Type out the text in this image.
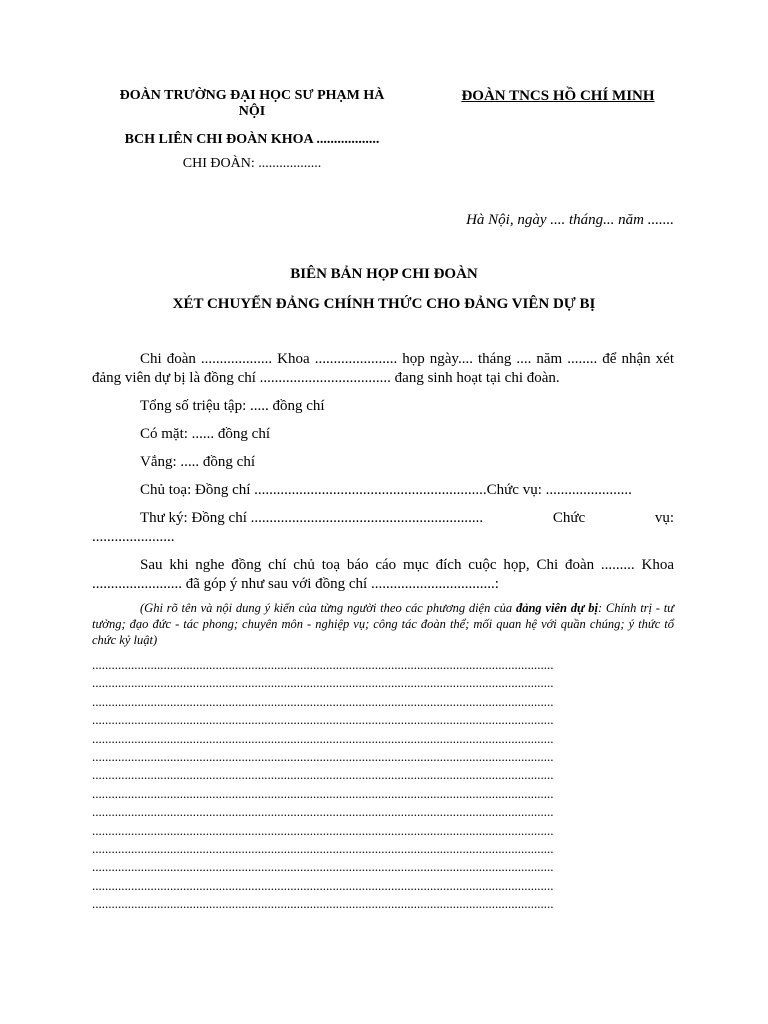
ĐOÀN TRƯỜNG ĐẠI HỌC SƯ PHẠM HÀ
NỘI
BCH LIÊN CHI ĐOÀN KHOA ..................
CHI ĐOÀN: ..................
ĐOÀN TNCS HỒ CHÍ MINH
Hà Nội, ngày .... tháng... năm .......
BIÊN BẢN HỌP CHI ĐOÀN
XÉT CHUYỂN ĐẢNG CHÍNH THỨC CHO ĐẢNG VIÊN DỰ BỊ

Chi đoàn ................... Khoa ...................... họp ngày.... tháng .... năm ........ để nhận xét đảng viên dự bị là đồng chí ................................... đang sinh hoạt tại chi đoàn.

Tổng số triệu tập: ..... đồng chí

Có mặt: ...... đồng chí

Vắng: ..... đồng chí

Chủ toạ: Đồng chí ..............................................................Chức vụ: .......................

Thư ký: Đồng chí ..............................................................	Chức	vụ:

......................

Sau khi nghe đồng chí chủ toạ báo cáo mục đích cuộc họp, Chi đoàn ......... Khoa ........................ đã góp ý như sau với đồng chí .................................:

(Ghi rõ tên và nội dung ý kiến của từng người theo các phương diện của đảng viên dự bị: Chính trị - tư tưởng; đạo đức - tác phong; chuyên môn - nghiệp vụ; công tác đoàn thể; mối quan hệ với quần chúng; ý thức tổ chức kỷ luật)

..............................................................................................................................................
..............................................................................................................................................
..............................................................................................................................................
..............................................................................................................................................
..............................................................................................................................................
..............................................................................................................................................
..............................................................................................................................................
..............................................................................................................................................
..............................................................................................................................................
..............................................................................................................................................
..............................................................................................................................................
..............................................................................................................................................
..............................................................................................................................................
..............................................................................................................................................
